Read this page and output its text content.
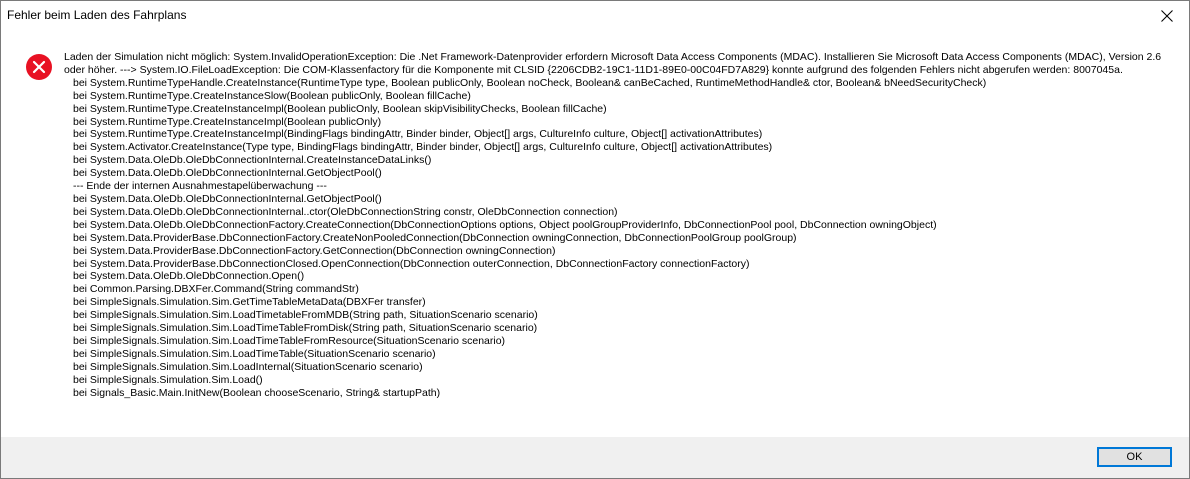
Fehler beim Laden des Fahrplans
Laden der Simulation nicht möglich: System.InvalidOperationException: Die .Net Framework-Datenprovider erfordern Microsoft Data Access Components (MDAC). Installieren Sie Microsoft Data Access Components (MDAC), Version 2.6 oder höher. ---> System.IO.FileLoadException: Die COM-Klassenfactory für die Komponente mit CLSID {2206CDB2-19C1-11D1-89E0-00C04FD7A829} konnte aufgrund des folgenden Fehlers nicht abgerufen werden: 8007045a.
bei System.RuntimeTypeHandle.CreateInstance(RuntimeType type, Boolean publicOnly, Boolean noCheck, Boolean& canBeCached, RuntimeMethodHandle& ctor, Boolean& bNeedSecurityCheck)
bei System.RuntimeType.CreateInstanceSlow(Boolean publicOnly, Boolean fillCache)
bei System.RuntimeType.CreateInstanceImpl(Boolean publicOnly, Boolean skipVisibilityChecks, Boolean fillCache)
bei System.RuntimeType.CreateInstanceImpl(Boolean publicOnly)
bei System.RuntimeType.CreateInstanceImpl(BindingFlags bindingAttr, Binder binder, Object[] args, CultureInfo culture, Object[] activationAttributes)
bei System.Activator.CreateInstance(Type type, BindingFlags bindingAttr, Binder binder, Object[] args, CultureInfo culture, Object[] activationAttributes)
bei System.Data.OleDb.OleDbConnectionInternal.CreateInstanceDataLinks()
bei System.Data.OleDb.OleDbConnectionInternal.GetObjectPool()
--- Ende der internen Ausnahmestapelüberwachung ---
bei System.Data.OleDb.OleDbConnectionInternal.GetObjectPool()
bei System.Data.OleDb.OleDbConnectionInternal..ctor(OleDbConnectionString constr, OleDbConnection connection)
bei System.Data.OleDb.OleDbConnectionFactory.CreateConnection(DbConnectionOptions options, Object poolGroupProviderInfo, DbConnectionPool pool, DbConnection owningObject)
bei System.Data.ProviderBase.DbConnectionFactory.CreateNonPooledConnection(DbConnection owningConnection, DbConnectionPoolGroup poolGroup)
bei System.Data.ProviderBase.DbConnectionFactory.GetConnection(DbConnection owningConnection)
bei System.Data.ProviderBase.DbConnectionClosed.OpenConnection(DbConnection outerConnection, DbConnectionFactory connectionFactory)
bei System.Data.OleDb.OleDbConnection.Open()
bei Common.Parsing.DBXFer.Command(String commandStr)
bei SimpleSignals.Simulation.Sim.GetTimeTableMetaData(DBXFer transfer)
bei SimpleSignals.Simulation.Sim.LoadTimetableFromMDB(String path, SituationScenario scenario)
bei SimpleSignals.Simulation.Sim.LoadTimeTableFromDisk(String path, SituationScenario scenario)
bei SimpleSignals.Simulation.Sim.LoadTimeTableFromResource(SituationScenario scenario)
bei SimpleSignals.Simulation.Sim.LoadTimeTable(SituationScenario scenario)
bei SimpleSignals.Simulation.Sim.LoadInternal(SituationScenario scenario)
bei SimpleSignals.Simulation.Sim.Load()
bei Signals_Basic.Main.InitNew(Boolean chooseScenario, String& startupPath)
OK
